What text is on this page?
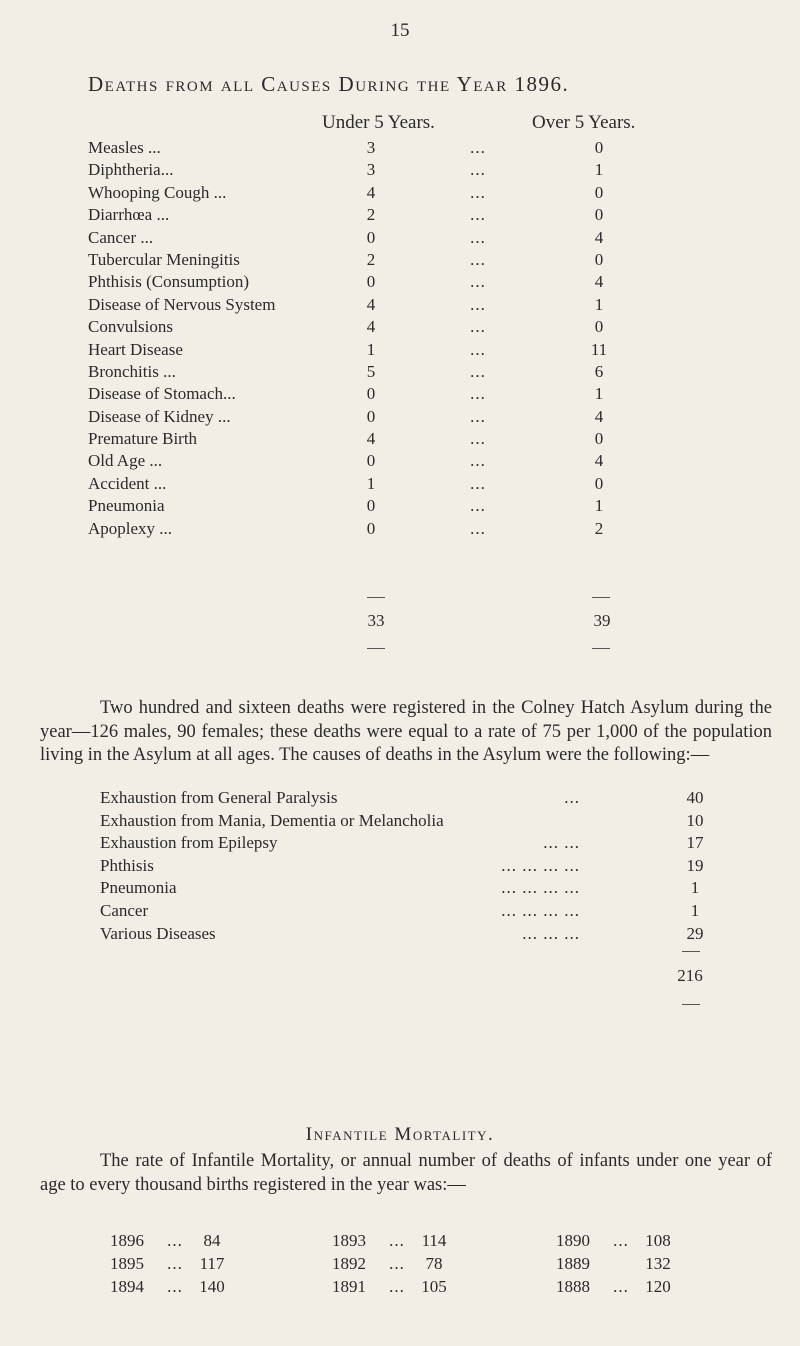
15
Deaths from all Causes During the Year 1896.
Under 5 Years.	Over 5 Years.
Measles ...	3	...	0
Diphtheria...	3	...	1
Whooping Cough ...	4	...	0
Diarrhœa ...	2	...	0
Cancer ...	0	...	4
Tubercular Meningitis	2	...	0
Phthisis (Consumption)	0	...	4
Disease of Nervous System	4	...	1
Convulsions	4	...	0
Heart Disease	1	...	11
Bronchitis ...	5	...	6
Disease of Stomach...	0	...	1
Disease of Kidney ...	0	...	4
Premature Birth	4	...	0
Old Age ...	0	...	4
Accident ...	1	...	0
Pneumonia	0	...	1
Apoplexy ...	0	...	2
33	39
Two hundred and sixteen deaths were registered in the Colney Hatch Asylum during the year—126 males, 90 females; these deaths were equal to a rate of 75 per 1,000 of the population living in the Asylum at all ages. The causes of deaths in the Asylum were the following:—
Exhaustion from General Paralysis	...	40
Exhaustion from Mania, Dementia or Melancholia	10
Exhaustion from Epilepsy	... ...	17
Phthisis	... ... ... ...	19
Pneumonia	... ... ... ...	1
Cancer	... ... ... ...	1
Various Diseases	... ... ...	29
216
Infantile Mortality.
The rate of Infantile Mortality, or annual number of deaths of infants under one year of age to every thousand births registered in the year was:—
1896 ... 84	1893 ... 114	1890 ... 108
1895 ... 117	1892 ... 78	1889	132
1894 ... 140	1891 ... 105	1888 ... 120
